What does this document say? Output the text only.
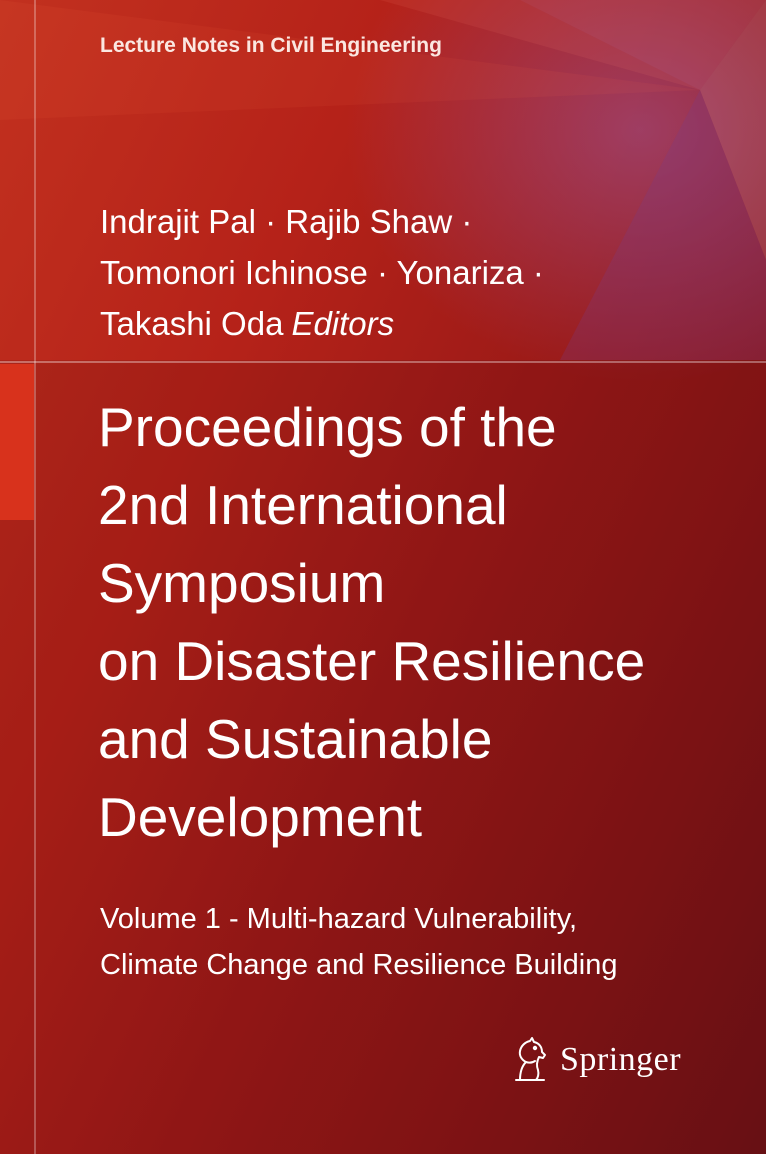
Lecture Notes in Civil Engineering
Indrajit Pal · Rajib Shaw ·
Tomonori Ichinose · Yonariza ·
Takashi Oda Editors
Proceedings of the
2nd International
Symposium
on Disaster Resilience
and Sustainable
Development
Volume 1 - Multi-hazard Vulnerability,
Climate Change and Resilience Building
Springer
